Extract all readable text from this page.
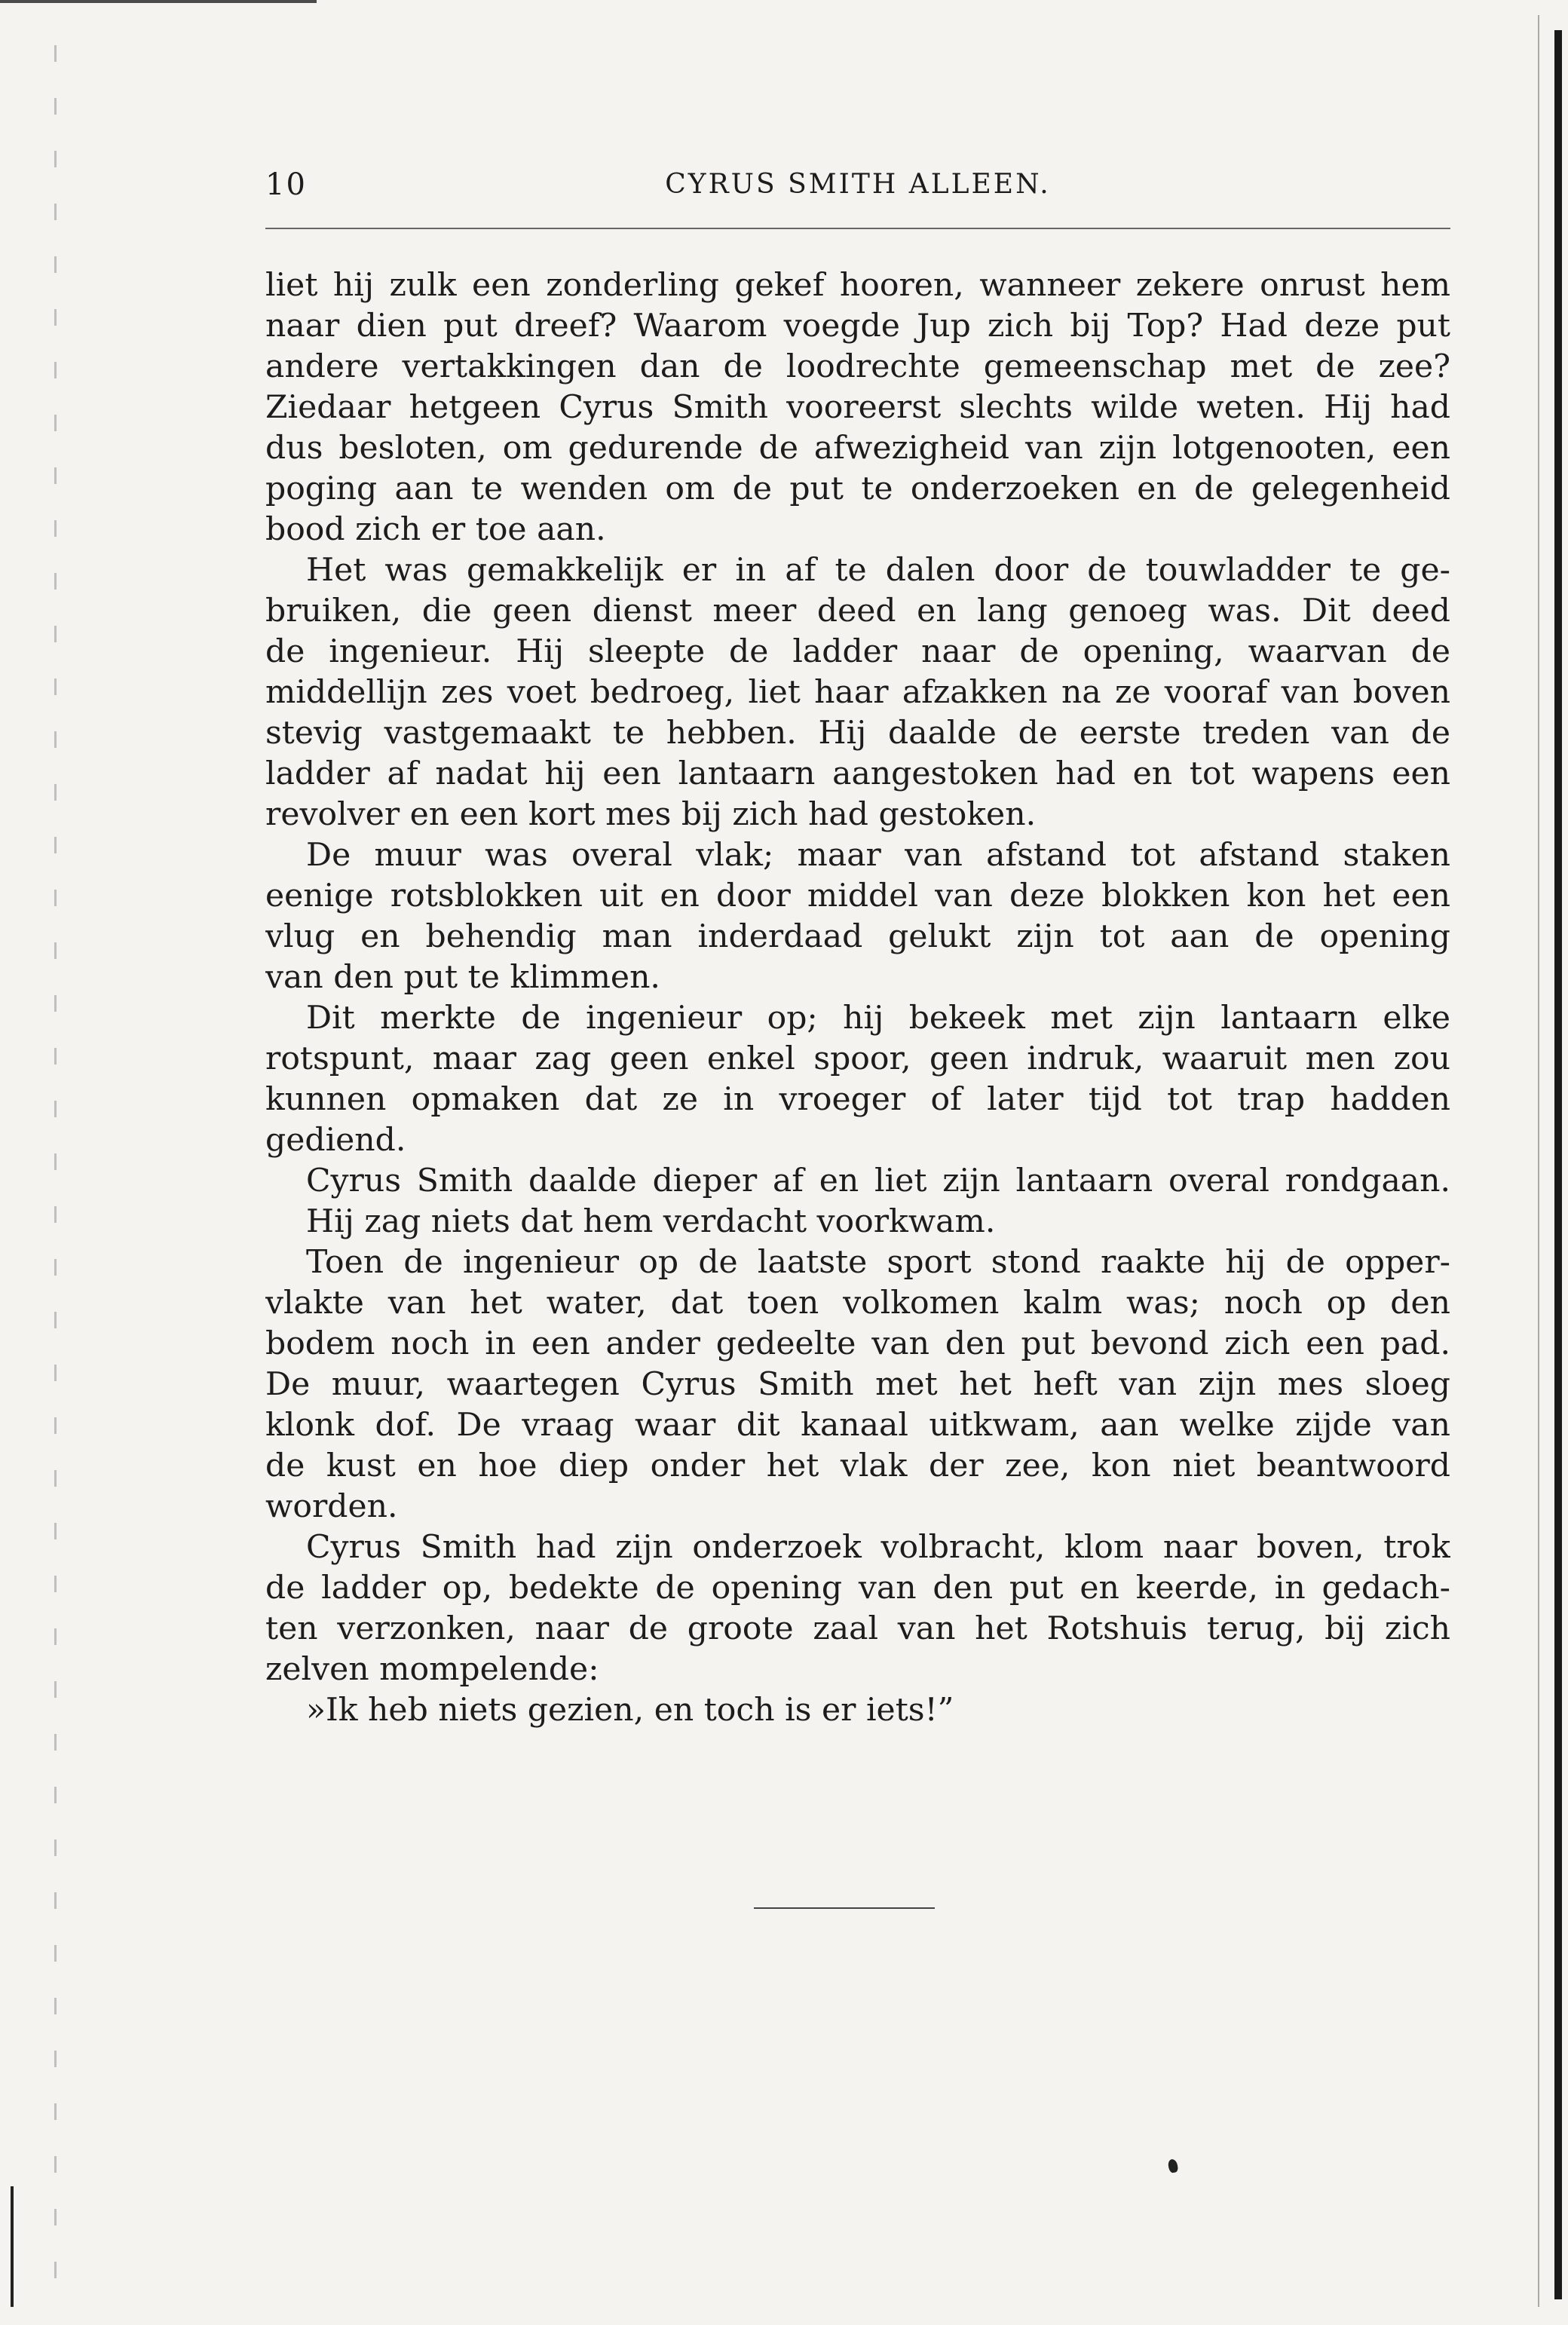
10	CYRUS SMITH ALLEEN.
liet hij zulk een zonderling gekef hooren, wanneer zekere onrust hem
naar dien put dreef? Waarom voegde Jup zich bij Top? Had deze put
andere vertakkingen dan de loodrechte gemeenschap met de zee?
Ziedaar hetgeen Cyrus Smith vooreerst slechts wilde weten. Hij had
dus besloten, om gedurende de afwezigheid van zijn lotgenooten, een
poging aan te wenden om de put te onderzoeken en de gelegenheid
bood zich er toe aan.
Het was gemakkelijk er in af te dalen door de touwladder te ge-
bruiken, die geen dienst meer deed en lang genoeg was. Dit deed
de ingenieur. Hij sleepte de ladder naar de opening, waarvan de
middellijn zes voet bedroeg, liet haar afzakken na ze vooraf van boven
stevig vastgemaakt te hebben. Hij daalde de eerste treden van de
ladder af nadat hij een lantaarn aangestoken had en tot wapens een
revolver en een kort mes bij zich had gestoken.
De muur was overal vlak; maar van afstand tot afstand staken
eenige rotsblokken uit en door middel van deze blokken kon het een
vlug en behendig man inderdaad gelukt zijn tot aan de opening
van den put te klimmen.
Dit merkte de ingenieur op; hij bekeek met zijn lantaarn elke
rotspunt, maar zag geen enkel spoor, geen indruk, waaruit men zou
kunnen opmaken dat ze in vroeger of later tijd tot trap hadden
gediend.
Cyrus Smith daalde dieper af en liet zijn lantaarn overal rondgaan.
Hij zag niets dat hem verdacht voorkwam.
Toen de ingenieur op de laatste sport stond raakte hij de opper-
vlakte van het water, dat toen volkomen kalm was; noch op den
bodem noch in een ander gedeelte van den put bevond zich een pad.
De muur, waartegen Cyrus Smith met het heft van zijn mes sloeg
klonk dof. De vraag waar dit kanaal uitkwam, aan welke zijde van
de kust en hoe diep onder het vlak der zee, kon niet beantwoord
worden.
Cyrus Smith had zijn onderzoek volbracht, klom naar boven, trok
de ladder op, bedekte de opening van den put en keerde, in gedach-
ten verzonken, naar de groote zaal van het Rotshuis terug, bij zich
zelven mompelende:
»Ik heb niets gezien, en toch is er iets!”
